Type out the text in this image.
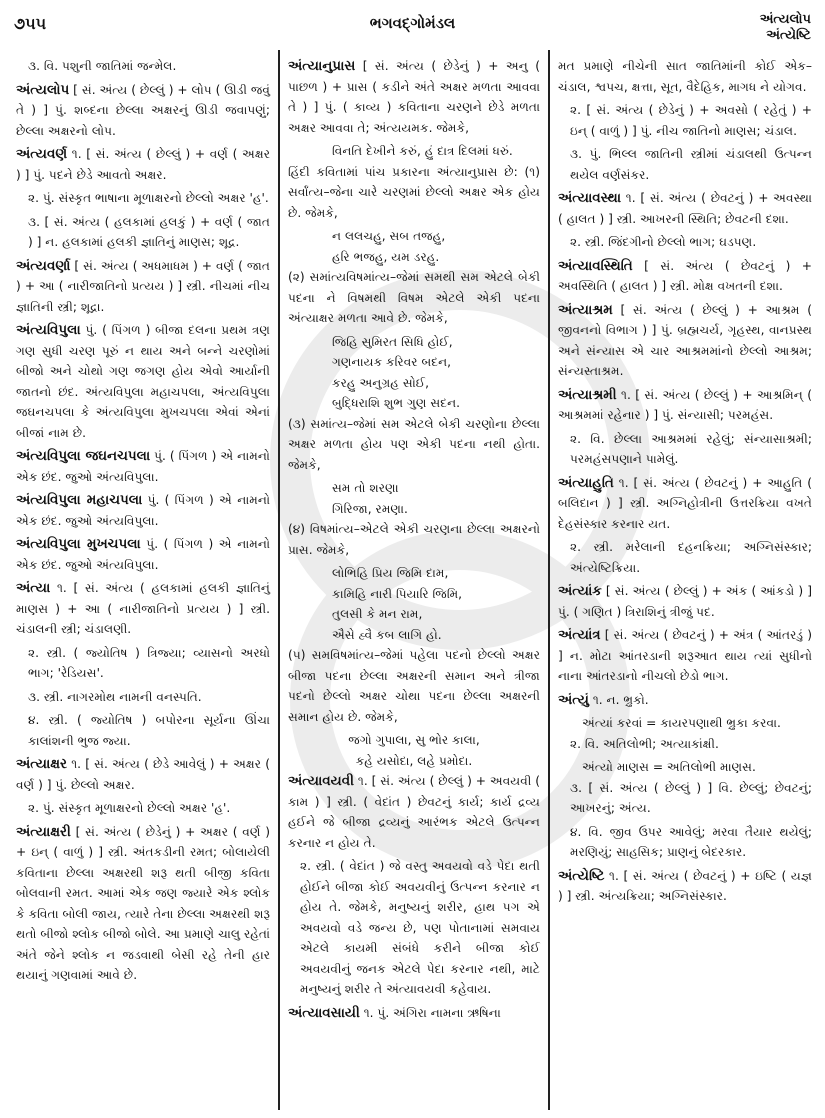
૭૫૫	ભગવદ્ગોમંડલ	અંત્યલોપ
અંત્યેષ્ટિ
૩. વિ. પશુની જાતિમાં જન્મેલ.
અંત્યલોપ [ સં. અંત્ય ( છેલ્લું ) + લોપ ( ઊડી જવું તે ) ] પું. શબ્દના છેલ્લા અક્ષરનું ઊડી જવાપણું; છેલ્લા અક્ષરનો લોપ.
અંત્યવર્ણ ૧. [ સં. અંત્ય ( છેલ્લું ) + વર્ણ ( અક્ષર ) ] પું. પદને છેડે આવતો અક્ષર.
૨. પું. સંસ્કૃત ભાષાના મૂળાક્ષરનો છેલ્લો અક્ષર 'હ'.
૩. [ સં. અંત્ય ( હલકામાં હલકું ) + વર્ણ ( જાત ) ] ન. હલકામાં હલકી જ્ઞાતિનું માણસ; શૂદ્ર.
અંત્યવર્ણા [ સં. અંત્ય ( અધમાધમ ) + વર્ણ ( જાત ) + આ ( નારીજાતિનો પ્રત્યય ) ] સ્ત્રી. નીચમાં નીચ જ્ઞાતિની સ્ત્રી; શૂદ્રા.
અંત્યવિપુલા પું. ( પિંગળ ) બીજા દલના પ્રથમ ત્રણ ગણ સુધી ચરણ પૂરું ન થાય અને બન્ને ચરણોમાં બીજો અને ચોથો ગણ જગણ હોય એવો આર્યાની જાતનો છંદ. અંત્યવિપુલા મહાચપલા, અંત્યવિપુલા જઘનચપલા કે અંત્યવિપુલા મુખચપલા એવાં એનાં બીજાં નામ છે.
અંત્યવિપુલા જઘનચપલા પું. ( પિંગળ ) એ નામનો એક છંદ. જુઓ અંત્યવિપુલા.
અંત્યવિપુલા મહાચપલા પું. ( પિંગળ ) એ નામનો એક છંદ. જુઓ અંત્યવિપુલા.
અંત્યવિપુલા મુખચપલા પું. ( પિંગળ ) એ નામનો એક છંદ. જુઓ અંત્યવિપુલા.
અંત્યા ૧. [ સં. અંત્ય ( હલકામાં હલકી જ્ઞાતિનું માણસ ) + આ ( નારીજાતિનો પ્રત્યય ) ] સ્ત્રી. ચંડાલની સ્ત્રી; ચંડાલણી.
૨. સ્ત્રી. ( જ્યોતિષ ) ત્રિજ્યા; વ્યાસનો અરધો ભાગ; 'રેડિયસ'.
૩. સ્ત્રી. નાગરમોથ નામની વનસ્પતિ.
૪. સ્ત્રી. ( જ્યોતિષ ) બપોરના સૂર્યના ઊંચા કાલાંશની ભુજ જ્યા.
અંત્યાક્ષર ૧. [ સં. અંત્ય ( છેડે આવેલું ) + અક્ષર ( વર્ણ ) ] પું. છેલ્લો અક્ષર.
૨. પું. સંસ્કૃત મૂળાક્ષરનો છેલ્લો અક્ષર 'હ'.
અંત્યાક્ષરી [ સં. અંત્ય ( છેડેનું ) + અક્ષર ( વર્ણ ) + ઇન્ ( વાળું ) ] સ્ત્રી. અંતકડીની રમત; બોલાયેલી કવિતાના છેલ્લા અક્ષરથી શરૂ થતી બીજી કવિતા બોલવાની રમત. આમાં એક જણ જ્યારે એક શ્લોક કે કવિતા બોલી જાય, ત્યારે તેના છેલ્લા અક્ષરથી શરૂ થતો બીજો શ્લોક બીજો બોલે. આ પ્રમાણે ચાલુ રહેતાં અંતે જેને શ્લોક ન જડવાથી બેસી રહે તેની હાર થયાનું ગણવામાં આવે છે.
અંત્યાનુપ્રાસ [ સં. અંત્ય ( છેડેનું ) + અનુ ( પાછળ ) + પ્રાસ ( કડીને અંતે અક્ષર મળતા આવવા તે ) ] પું. ( કાવ્ય ) કવિતાના ચરણને છેડે મળતા અક્ષર આવવા તે; અંત્યયમક. જેમકે,
વિનતિ દેખીને કરું, હું દાત્ર દિલમાં ધરું.
હિંદી કવિતામાં પાંચ પ્રકારના અંત્યાનુપ્રાસ છે: (૧) સર્વાંત્ય–જેના ચારે ચરણમાં છેલ્લો અક્ષર એક હોય છે. જેમકે,
ન લલચહુ, સબ તજહુ,
હરિ ભજહુ, યમ ડરહુ.
(૨) સમાંત્યવિષમાંત્ય–જેમાં સમથી સમ એટલે બેકી પદના ને વિષમથી વિષમ એટલે એકી પદના અંત્યાક્ષર મળતા આવે છે. જેમકે,
જિહિ સુમિરત સિધિ હોઈ,
ગણનાયક કરિવર બદન,
કરહુ અનુગ્રહ સોઈ,
બુદ્ધિરાશિ શુભ ગુણ સદન.
(૩) સમાંત્ય–જેમાં સમ એટલે બેકી ચરણોના છેલ્લા અક્ષર મળતા હોય પણ એકી પદના નથી હોતા. જેમકે,
સમ તો શરણા
ગિરિજા, રમણા.
(૪) વિષમાંત્ય–એટલે એકી ચરણના છેલ્લા અક્ષરનો પ્રાસ. જેમકે,
લોભિહિ પ્રિય જિમિ દામ,
કામિહિ નારી પિયારિ જિમિ,
તુલસી કે મન રામ,
ઐસે હ્વૈ કબ લાગિ હો.
(૫) સમવિષમાંત્ય–જેમાં પહેલા પદનો છેલ્લો અક્ષર બીજા પદના છેલ્લા અક્ષરની સમાન અને ત્રીજા પદનો છેલ્લો અક્ષર ચોથા પદના છેલ્લા અક્ષરની સમાન હોય છે. જેમકે,
જગો ગુપાલા, સુ ભોર કાલા,
કહે યસોદા, લહે પ્રમોદા.
અંત્યાવયવી ૧. [ સં. અંત્ય ( છેલ્લું ) + અવયવી ( કામ ) ] સ્ત્રી. ( વેદાંત ) છેવટનું કાર્ય; કાર્ય દ્રવ્ય હઈને જે બીજા દ્રવ્યનું આરંભક એટલે ઉત્પન્ન કરનાર ન હોય તે.
૨. સ્ત્રી. ( વેદાંત ) જે વસ્તુ અવયવો વડે પેદા થતી હોઈને બીજા કોઈ અવયવીનું ઉત્પન્ન કરનાર ન હોય તે. જેમકે, મનુષ્યનું શરીર, હાથ પગ એ અવયવો વડે જન્ય છે, પણ પોતાનામાં સમવાય એટલે કાયમી સંબંધે કરીને બીજા કોઈ અવયવીનું જનક એટલે પેદા કરનાર નથી, માટે મનુષ્યનું શરીર તે અંત્યાવયવી કહેવાય.
અંત્યાવસાયી ૧. પું. અંગિરા નામના ઋષિના
મત પ્રમાણે નીચેની સાત જાતિમાંની કોઈ એક–ચંડાલ, શ્વપચ, ક્ષત્તા, સૂત, વૈદેહિક, માગધ ને યોગવ.
૨. [ સં. અંત્ય ( છેડેનું ) + અવસો ( રહેતું ) + ઇન્ ( વાળું ) ] પું. નીચ જાતિનો માણસ; ચંડાલ.
૩. પું. ભિલ્લ જાતિની સ્ત્રીમાં ચંડાલથી ઉત્પન્ન થયેલ વર્ણસંકર.
અંત્યાવસ્થા ૧. [ સં. અંત્ય ( છેવટનું ) + અવસ્થા ( હાલત ) ] સ્ત્રી. આખરની સ્થિતિ; છેવટની દશા.
૨. સ્ત્રી. જિંદગીનો છેલ્લો ભાગ; ઘડપણ.
અંત્યાવસ્થિતિ [ સં. અંત્ય ( છેવટનું ) + અવસ્થિતિ ( હાલત ) ] સ્ત્રી. મોક્ષ વખતની દશા.
અંત્યાશ્રમ [ સં. અંત્ય ( છેલ્લું ) + આશ્રમ ( જીવનનો વિભાગ ) ] પું. બ્રહ્મચર્ય, ગૃહસ્થ, વાનપ્રસ્થ અને સંન્યાસ એ ચાર આશ્રમમાંનો છેલ્લો આશ્રમ; સંન્યસ્તાશ્રમ.
અંત્યાશ્રમી ૧. [ સં. અંત્ય ( છેલ્લું ) + આશ્રમિન્ ( આશ્રમમાં રહેનાર ) ] પું. સંન્યાસી; પરમહંસ.
૨. વિ. છેલ્લા આશ્રમમાં રહેલું; સંન્યાસાશ્રમી; પરમહંસપણાને પામેલું.
અંત્યાહુતિ ૧. [ સં. અંત્ય ( છેવટનું ) + આહુતિ ( બલિદાન ) ] સ્ત્રી. અગ્નિહોત્રીની ઉત્તરક્રિયા વખતે દેહસંસ્કાર કરનાર યત.
૨. સ્ત્રી. મરેલાની દહનક્રિયા; અગ્નિસંસ્કાર; અંત્યેષ્ટિક્રિયા.
અંત્યાંક [ સં. અંત્ય ( છેલ્લું ) + અંક ( આંકડો ) ] પું. ( ગણિત ) ત્રિરાશિનું ત્રીજું પદ.
અંત્યાંત્ર [ સં. અંત્ય ( છેવટનું ) + અંત્ર ( આંતરડું ) ] ન. મોટા આંતરડાની શરૂઆત થાય ત્યાં સુધીનો નાના આંતરડાનો નીચલો છેડો ભાગ.
અંત્યું ૧. ન. ભ્રુકો.
અંત્યાં કરવાં = કાયરપણાથી ભ્રુકા કરવા.
૨. વિ. અતિલોભી; અત્યાકાંક્ષી.
અંત્યો માણસ = અતિલોભી માણસ.
૩. [ સં. અંત્ય ( છેલ્લું ) ] વિ. છેલ્લું; છેવટનું; આખરનું; અંત્ય.
૪. વિ. જીવ ઉપર આવેલું; મરવા તૈયાર થયેલું; મરણિયું; સાહસિક; પ્રાણનું બેદરકાર.
અંત્યેષ્ટિ ૧. [ સં. અંત્ય ( છેવટનું ) + ઇષ્ટિ ( યજ્ઞ ) ] સ્ત્રી. અંત્યક્રિયા; અગ્નિસંસ્કાર.
